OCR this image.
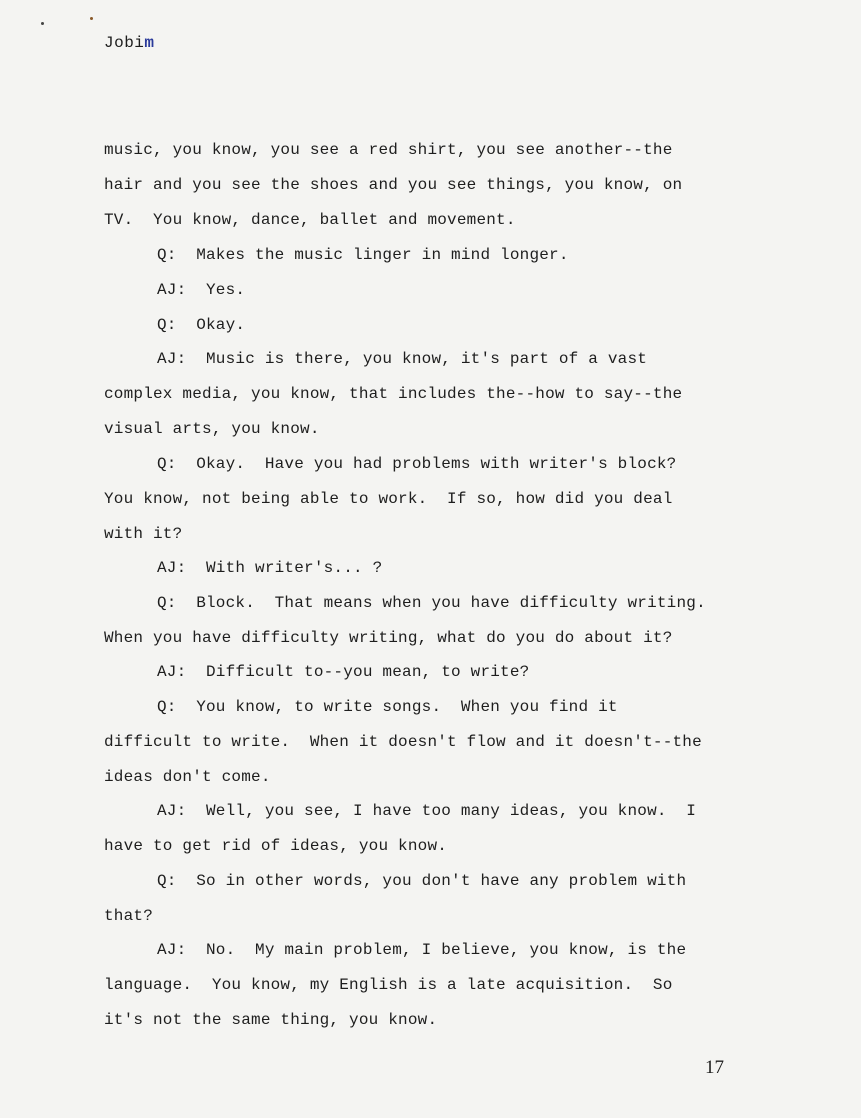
Jobim
music, you know, you see a red shirt, you see another--the
hair and you see the shoes and you see things, you know, on
TV.  You know, dance, ballet and movement.
Q:  Makes the music linger in mind longer.
AJ:  Yes.
Q:  Okay.
AJ:  Music is there, you know, it's part of a vast
complex media, you know, that includes the--how to say--the
visual arts, you know.
Q:  Okay.  Have you had problems with writer's block?
You know, not being able to work.  If so, how did you deal
with it?
AJ:  With writer's... ?
Q:  Block.  That means when you have difficulty writing.
When you have difficulty writing, what do you do about it?
AJ:  Difficult to--you mean, to write?
Q:  You know, to write songs.  When you find it
difficult to write.  When it doesn't flow and it doesn't--the
ideas don't come.
AJ:  Well, you see, I have too many ideas, you know.  I
have to get rid of ideas, you know.
Q:  So in other words, you don't have any problem with
that?
AJ:  No.  My main problem, I believe, you know, is the
language.  You know, my English is a late acquisition.  So
it's not the same thing, you know.
17
